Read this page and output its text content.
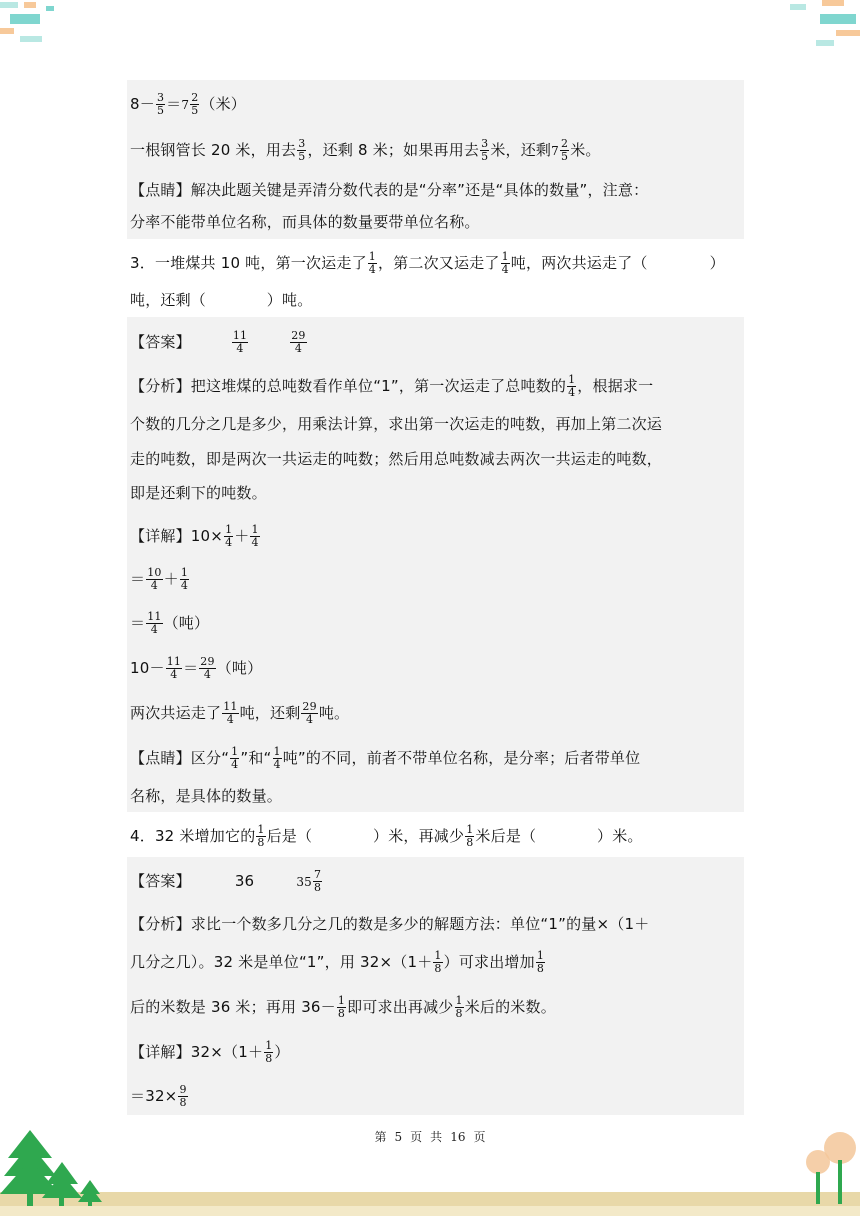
$8- \frac{3}{5} =7 \frac{2}{5}$ （米）
一根钢管长 20 米，用去 $\frac{3}{5}$ ，还剩 8 米；如果再用去 $\frac{3}{5}$ 米，还剩$7 \frac{2}{5}$ 米。
【点睛】解决此题关键是弄清分数代表的是“分率”还是“具体的数量”，注意：
分率不能带单位名称，而具体的数量要带单位名称。
3．一堆煤共 10 吨，第一次运走了 $\frac{1}{4}$ ，第二次又运走了 $\frac{1}{4}$ 吨，两次共运走了（	）
吨，还剩（　　　　）吨。
【答案】	$\frac{11}{4}$	$\frac{29}{4}$
【分析】把这堆煤的总吨数看作单位“1”，第一次运走了总吨数的 $\frac{1}{4}$ ，根据求一
个数的几分之几是多少，用乘法计算，求出第一次运走的吨数，再加上第二次运
走的吨数，即是两次一共运走的吨数；然后用总吨数减去两次一共运走的吨数，
即是还剩下的吨数。
【详解】$10\times \frac{1}{4} + \frac{1}{4}$
＝ $\frac{10}{4} + \frac{1}{4}$
＝ $\frac{11}{4}$ （吨）
$10- \frac{11}{4} = \frac{29}{4}$ （吨）
两次共运走了 $\frac{11}{4}$ 吨，还剩 $\frac{29}{4}$ 吨。
【点睛】区分“ $\frac{1}{4}$ ”和“ $\frac{1}{4}$ 吨”的不同，前者不带单位名称，是分率；后者带单位
名称，是具体的数量。
4．32 米增加它的 $\frac{1}{8}$ 后是（　　　　）米，再减少 $\frac{1}{8}$ 米后是（　　　　）米。
【答案】	36	$35 \frac{7}{8}$
【分析】求比一个数多几分之几的数是多少的解题方法：单位“1”的量×（1＋
几分之几）。32 米是单位“1”，用 $32\times(1+ \frac{1}{8}$ ）可求出增加 $\frac{1}{8}$
后的米数是 36 米；再用 $36- \frac{1}{8}$ 即可求出再减少 $\frac{1}{8}$ 米后的米数。
【详解】$32\times(1+ \frac{1}{8}$ ）
$=32\times \frac{9}{8}$
第 5 页 共 16 页
